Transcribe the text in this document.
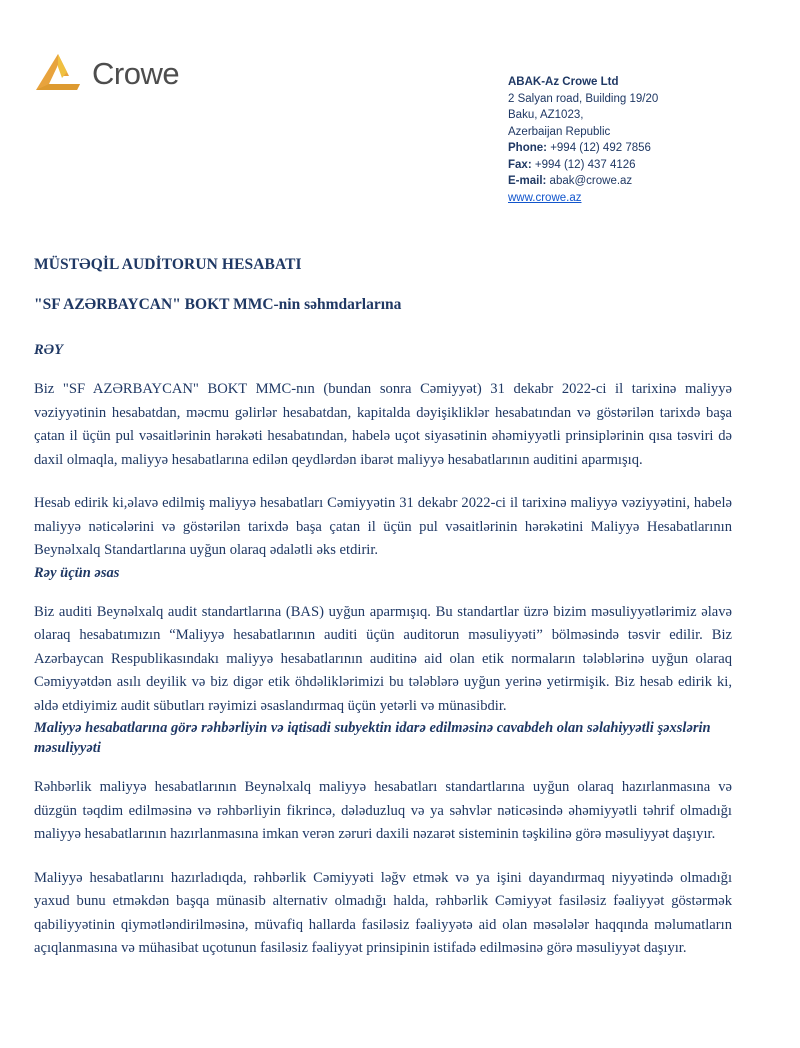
Crowe	ABAK-Az Crowe Ltd
2 Salyan road, Building 19/20
Baku, AZ1023,
Azerbaijan Republic
Phone: +994 (12) 492 7856
Fax: +994 (12) 437 4126
E-mail: abak@crowe.az
www.crowe.az
MÜSTƏQİL AUDİTORUN HESABATI
"SF AZƏRBAYCAN" BOKT MMC-nin səhmdarlarına
RƏY

Biz "SF AZƏRBAYCAN" BOKT MMC-nın (bundan sonra Cəmiyyət) 31 dekabr 2022-ci il tarixinə maliyyə vəziyyətinin hesabatdan, məcmu gəlirlər hesabatdan, kapitalda dəyişikliklər hesabatından və göstərilən tarixdə başa çatan il üçün pul vəsaitlərinin hərəkəti hesabatından, habelə uçot siyasətinin əhəmiyyətli prinsiplərinin qısa təsviri də daxil olmaqla, maliyyə hesabatlarına edilən qeydlərdən ibarət maliyyə hesabatlarının auditini aparmışıq.

Hesab edirik ki,əlavə edilmiş maliyyə hesabatları Cəmiyyətin 31 dekabr 2022-ci il tarixinə maliyyə vəziyyətini, habelə maliyyə nəticələrini və göstərilən tarixdə başa çatan il üçün pul vəsaitlərinin hərəkətini Maliyyə Hesabatlarının Beynəlxalq Standartlarına uyğun olaraq ədalətli əks etdirir.

Rəy üçün əsas

Biz auditi Beynəlxalq audit standartlarına (BAS) uyğun aparmışıq. Bu standartlar üzrə bizim məsuliyyətlərimiz əlavə olaraq hesabatımızın “Maliyyə hesabatlarının auditi üçün auditorun məsuliyyəti” bölməsində təsvir edilir. Biz Azərbaycan Respublikasındakı maliyyə hesabatlarının auditinə aid olan etik normaların tələblərinə uyğun olaraq Cəmiyyətdən asılı deyilik və biz digər etik öhdəliklərimizi bu tələblərə uyğun yerinə yetirmişik. Biz hesab edirik ki, əldə etdiyimiz audit sübutları rəyimizi əsaslandırmaq üçün yetərli və münasibdir.

Maliyyə hesabatlarına görə rəhbərliyin və iqtisadi subyektin idarə edilməsinə cavabdeh olan səlahiyyətli şəxslərin məsuliyyəti

Rəhbərlik maliyyə hesabatlarının Beynəlxalq maliyyə hesabatları standartlarına uyğun olaraq hazırlanmasına və düzgün təqdim edilməsinə və rəhbərliyin fikrincə, dələduzluq və ya səhvlər nəticəsində əhəmiyyətli təhrif olmadığı maliyyə hesabatlarının hazırlanmasına imkan verən zəruri daxili nəzarət sisteminin təşkilinə görə məsuliyyət daşıyır.

Maliyyə hesabatlarını hazırladıqda, rəhbərlik Cəmiyyəti ləğv etmək və ya işini dayandırmaq niyyətində olmadığı yaxud bunu etməkdən başqa münasib alternativ olmadığı halda, rəhbərlik Cəmiyyət fasiləsiz fəaliyyət göstərmək qabiliyyətinin qiymətləndirilməsinə, müvafiq hallarda fasiləsiz fəaliyyətə aid olan məsələlər haqqında məlumatların açıqlanmasına və mühasibat uçotunun fasiləsiz fəaliyyət prinsipinin istifadə edilməsinə görə məsuliyyət daşıyır.
